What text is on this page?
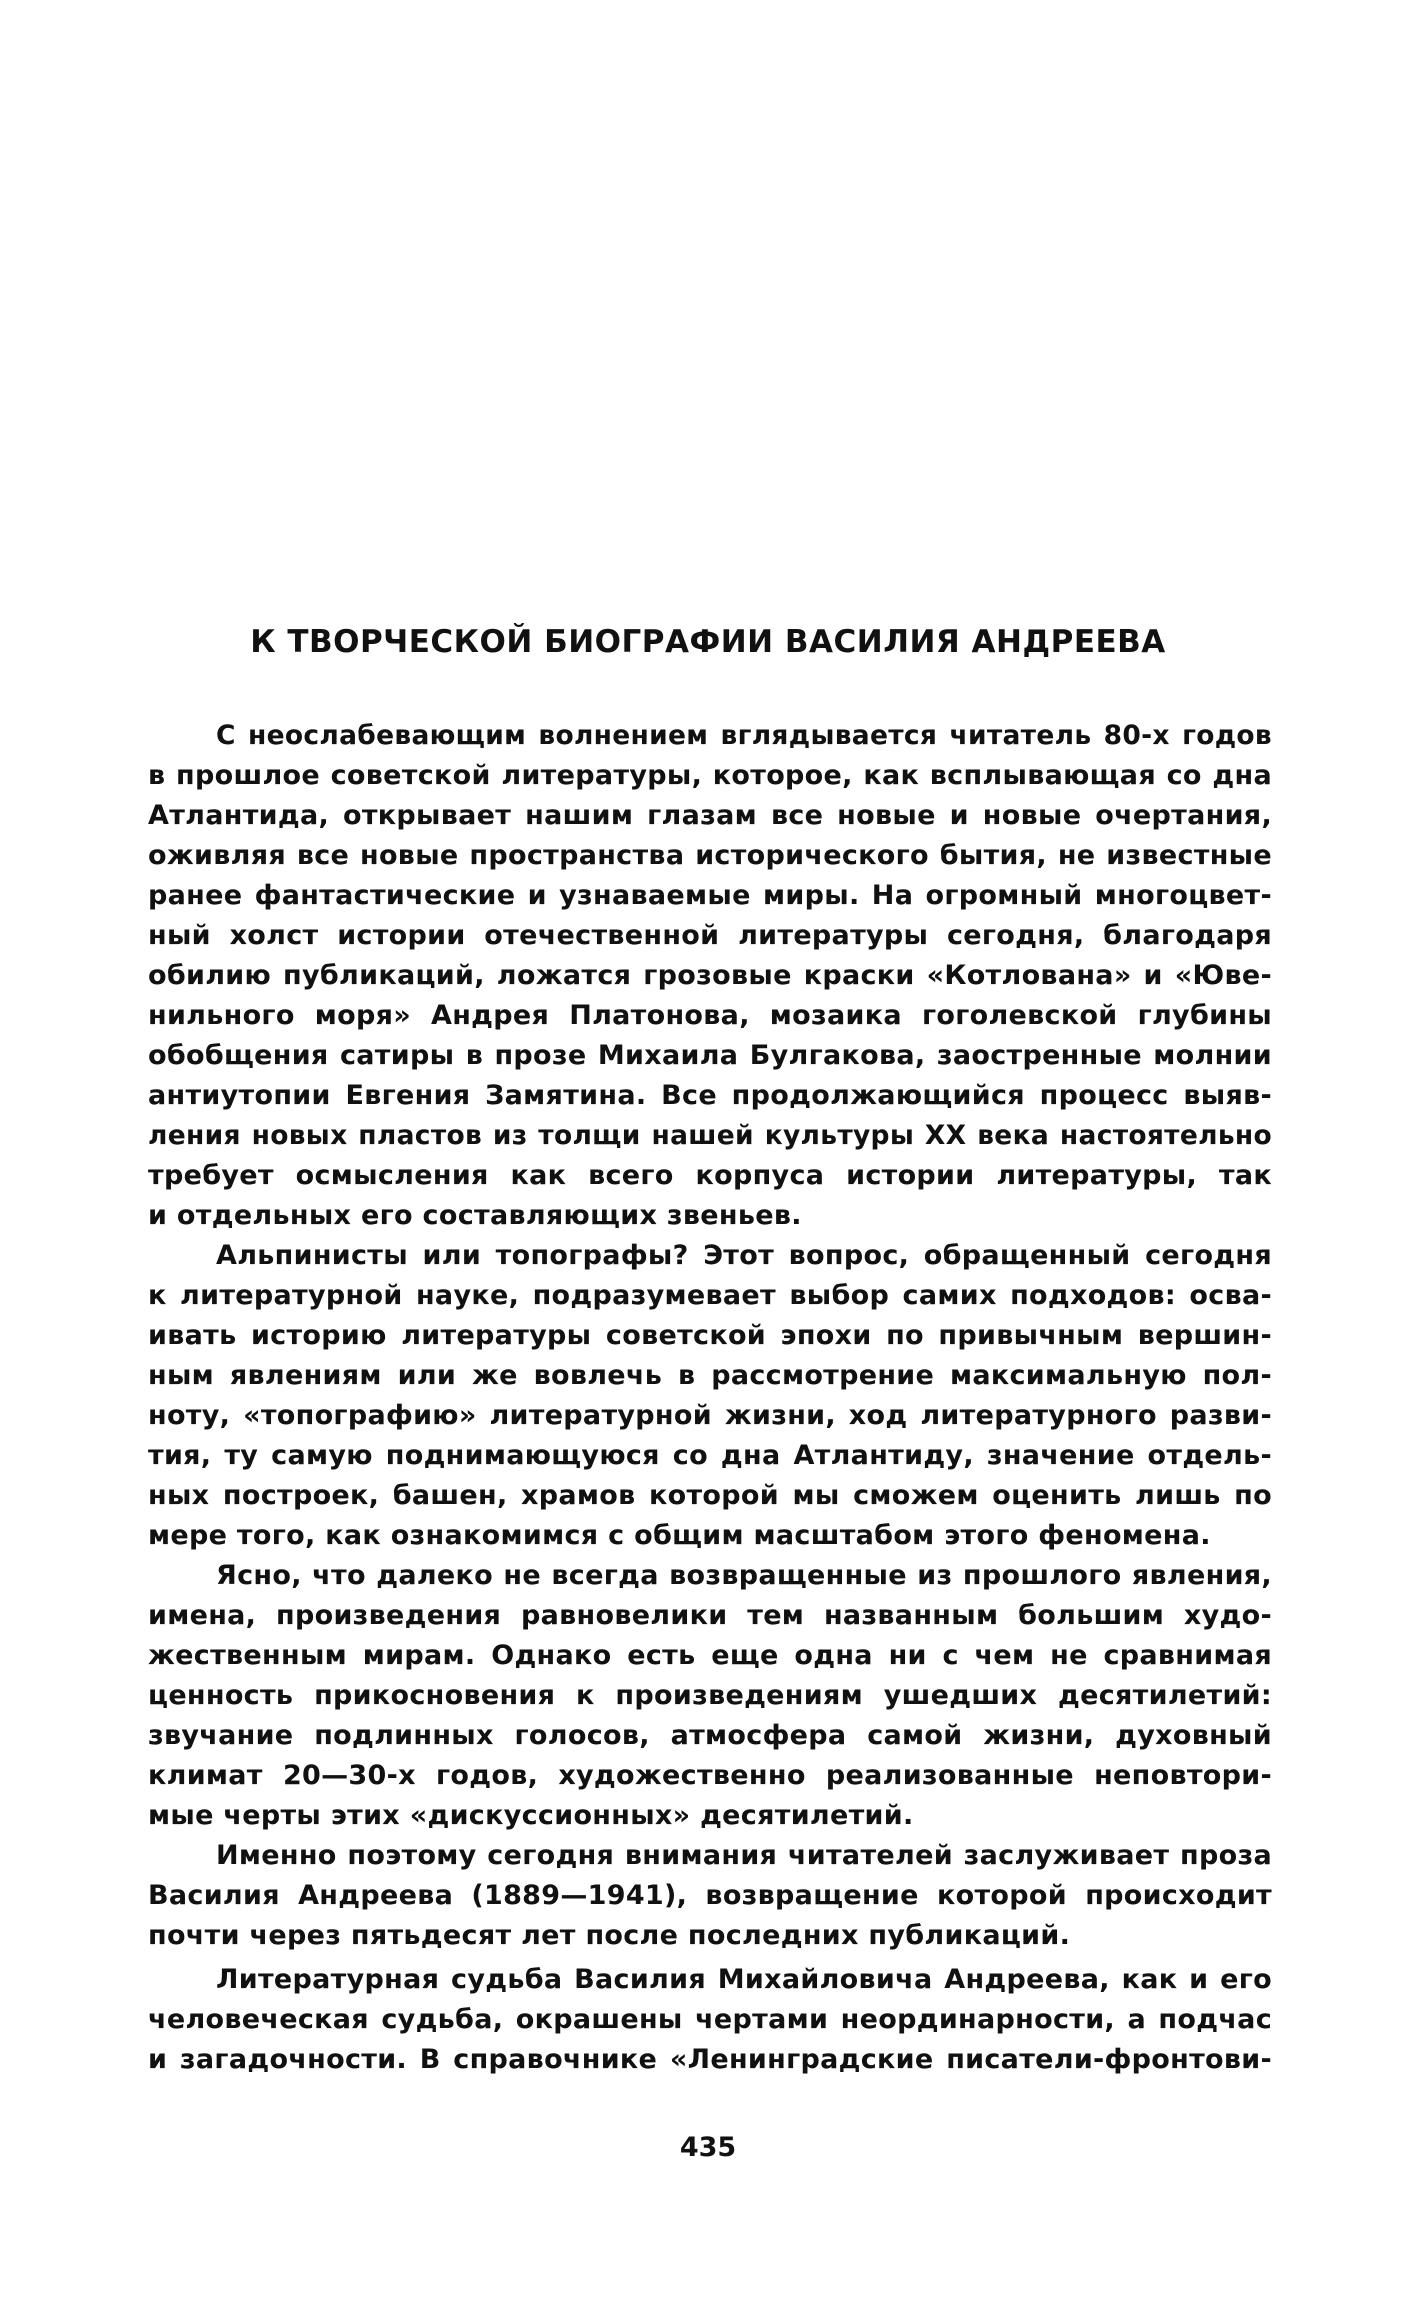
К ТВОРЧЕСКОЙ БИОГРАФИИ ВАСИЛИЯ АНДРЕЕВА
С неослабевающим волнением вглядывается читатель 80-х годов
в прошлое советской литературы, которое, как всплывающая со дна
Атлантида, открывает нашим глазам все новые и новые очертания,
оживляя все новые пространства исторического бытия, не известные
ранее фантастические и узнаваемые миры. На огромный многоцвет-
ный холст истории отечественной литературы сегодня, благодаря
обилию публикаций, ложатся грозовые краски «Котлована» и «Юве-
нильного моря» Андрея Платонова, мозаика гоголевской глубины
обобщения сатиры в прозе Михаила Булгакова, заостренные молнии
антиутопии Евгения Замятина. Все продолжающийся процесс выяв-
ления новых пластов из толщи нашей культуры XX века настоятельно
требует осмысления как всего корпуса истории литературы, так
и отдельных его составляющих звеньев.
Альпинисты или топографы? Этот вопрос, обращенный сегодня
к литературной науке, подразумевает выбор самих подходов: осва-
ивать историю литературы советской эпохи по привычным вершин-
ным явлениям или же вовлечь в рассмотрение максимальную пол-
ноту, «топографию» литературной жизни, ход литературного разви-
тия, ту самую поднимающуюся со дна Атлантиду, значение отдель-
ных построек, башен, храмов которой мы сможем оценить лишь по
мере того, как ознакомимся с общим масштабом этого феномена.
Ясно, что далеко не всегда возвращенные из прошлого явления,
имена, произведения равновелики тем названным большим худо-
жественным мирам. Однако есть еще одна ни с чем не сравнимая
ценность прикосновения к произведениям ушедших десятилетий:
звучание подлинных голосов, атмосфера самой жизни, духовный
климат 20—30-х годов, художественно реализованные неповтори-
мые черты этих «дискуссионных» десятилетий.
Именно поэтому сегодня внимания читателей заслуживает проза
Василия Андреева (1889—1941), возвращение которой происходит
почти через пятьдесят лет после последних публикаций.
Литературная судьба Василия Михайловича Андреева, как и его
человеческая судьба, окрашены чертами неординарности, а подчас
и загадочности. В справочнике «Ленинградские писатели-фронтови-
435
